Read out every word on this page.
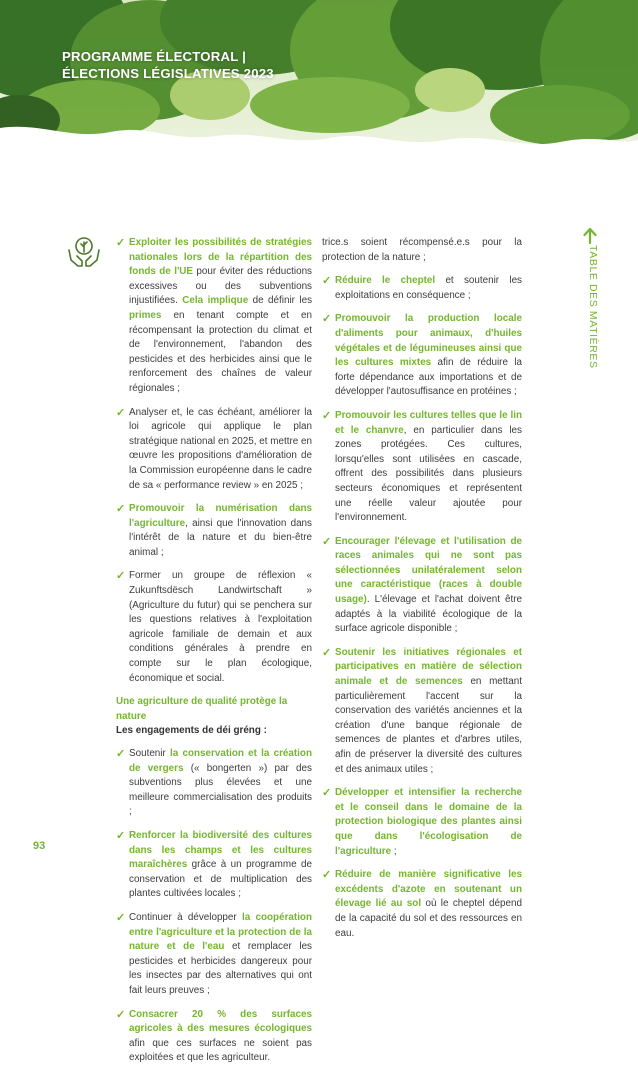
PROGRAMME ÉLECTORAL |
ÉLECTIONS LÉGISLATIVES 2023
TABLE DES MATIÈRES
✓ Exploiter les possibilités de stratégies nationales lors de la répartition des fonds de l'UE pour éviter des réductions excessives ou des subventions injustifiées. Cela implique de définir les primes en tenant compte et en récompensant la protection du climat et de l'environnement, l'abandon des pesticides et des herbicides ainsi que le renforcement des chaînes de valeur régionales ;
✓ Analyser et, le cas échéant, améliorer la loi agricole qui applique le plan stratégique national en 2025, et mettre en œuvre les propositions d'amélioration de la Commission européenne dans le cadre de sa « performance review » en 2025 ;
✓ Promouvoir la numérisation dans l'agriculture, ainsi que l'innovation dans l'intérêt de la nature et du bien-être animal ;
✓ Former un groupe de réflexion « Zukunftsdësch Landwirtschaft » (Agriculture du futur) qui se penchera sur les questions relatives à l'exploitation agricole familiale de demain et aux conditions générales à prendre en compte sur le plan écologique, économique et social.
Une agriculture de qualité protège la nature
Les engagements de déi gréng :
✓ Soutenir la conservation et la création de vergers (« bongerten ») par des subventions plus élevées et une meilleure commercialisation des produits ;
✓ Renforcer la biodiversité des cultures dans les champs et les cultures maraîchères grâce à un programme de conservation et de multiplication des plantes cultivées locales ;
✓ Continuer à développer la coopération entre l'agriculture et la protection de la nature et de l'eau et remplacer les pesticides et herbicides dangereux pour les insectes par des alternatives qui ont fait leurs preuves ;
✓ Consacrer 20 % des surfaces agricoles à des mesures écologiques afin que ces surfaces ne soient pas exploitées et que les agriculteur.
trice.s soient récompensé.e.s pour la protection de la nature ;
✓ Réduire le cheptel et soutenir les exploitations en conséquence ;
✓ Promouvoir la production locale d'aliments pour animaux, d'huiles végétales et de légumineuses ainsi que les cultures mixtes afin de réduire la forte dépendance aux importations et de développer l'autosuffisance en protéines ;
✓ Promouvoir les cultures telles que le lin et le chanvre, en particulier dans les zones protégées. Ces cultures, lorsqu'elles sont utilisées en cascade, offrent des possibilités dans plusieurs secteurs économiques et représentent une réelle valeur ajoutée pour l'environnement.
✓ Encourager l'élevage et l'utilisation de races animales qui ne sont pas sélectionnées unilatéralement selon une caractéristique (races à double usage). L'élevage et l'achat doivent être adaptés à la viabilité écologique de la surface agricole disponible ;
✓ Soutenir les initiatives régionales et participatives en matière de sélection animale et de semences en mettant particulièrement l'accent sur la conservation des variétés anciennes et la création d'une banque régionale de semences de plantes et d'arbres utiles, afin de préserver la diversité des cultures et des animaux utiles ;
✓ Développer et intensifier la recherche et le conseil dans le domaine de la protection biologique des plantes ainsi que dans l'écologisation de l'agriculture ;
✓ Réduire de manière significative les excédents d'azote en soutenant un élevage lié au sol où le cheptel dépend de la capacité du sol et des ressources en eau.
93
